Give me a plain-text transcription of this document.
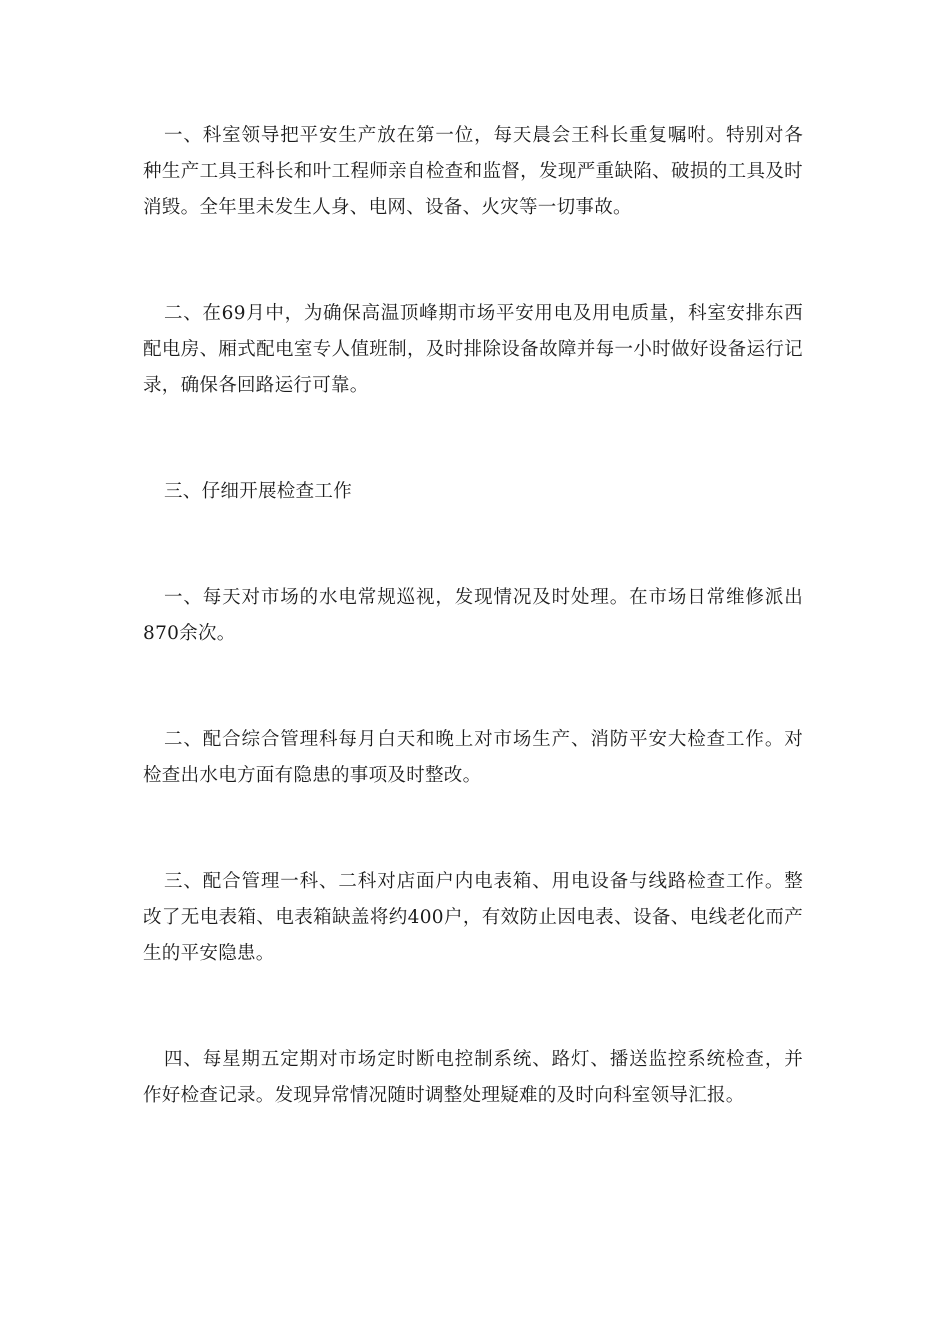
一、科室领导把平安生产放在第一位，每天晨会王科长重复嘱咐。特别对各种生产工具王科长和叶工程师亲自检查和监督，发现严重缺陷、破损的工具及时消毁。全年里未发生人身、电网、设备、火灾等一切事故。

二、在69月中，为确保高温顶峰期市场平安用电及用电质量，科室安排东西配电房、厢式配电室专人值班制，及时排除设备故障并每一小时做好设备运行记录，确保各回路运行可靠。

三、仔细开展检查工作

一、每天对市场的水电常规巡视，发现情况及时处理。在市场日常维修派出870余次。

二、配合综合管理科每月白天和晚上对市场生产、消防平安大检查工作。对检查出水电方面有隐患的事项及时整改。

三、配合管理一科、二科对店面户内电表箱、用电设备与线路检查工作。整改了无电表箱、电表箱缺盖将约400户，有效防止因电表、设备、电线老化而产生的平安隐患。

四、每星期五定期对市场定时断电控制系统、路灯、播送监控系统检查，并作好检查记录。发现异常情况随时调整处理疑难的及时向科室领导汇报。
